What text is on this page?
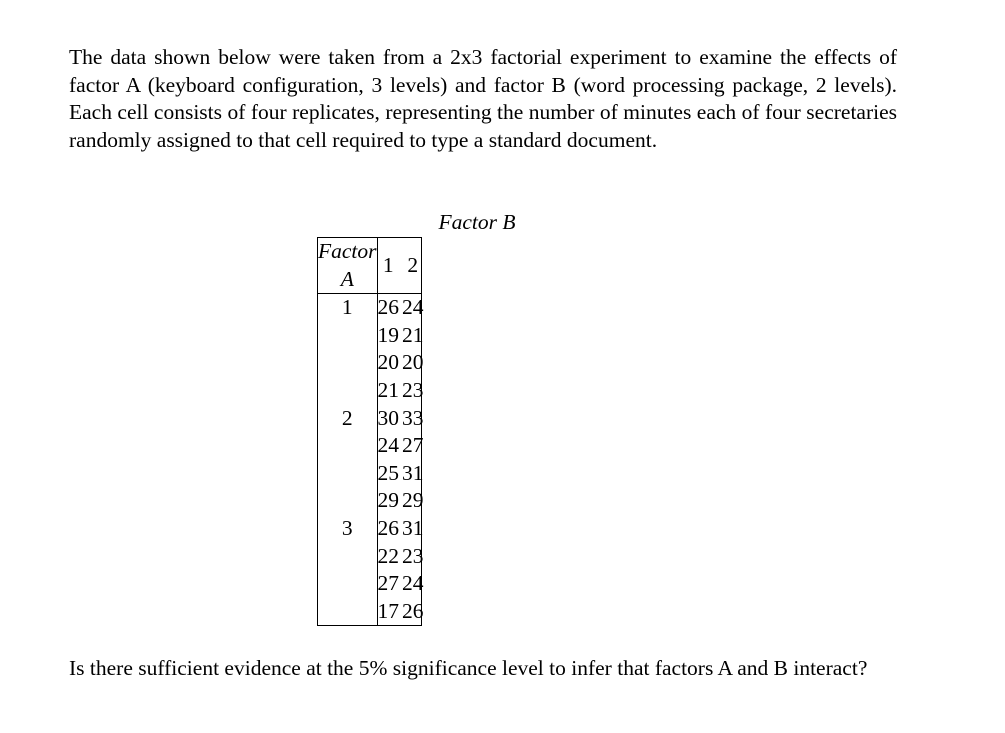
The data shown below were taken from a 2x3 factorial experiment to examine the effects of factor A (keyboard configuration, 3 levels) and factor B (word processing package, 2 levels). Each cell consists of four replicates, representing the number of minutes each of four secretaries randomly assigned to that cell required to type a standard document.

Factor B
Factor A	1	2
1	26	24
	19	21
	20	20
	21	23
2	30	33
	24	27
	25	31
	29	29
3	26	31
	22	23
	27	24
	17	26

Is there sufficient evidence at the 5% significance level to infer that factors A and B interact?
